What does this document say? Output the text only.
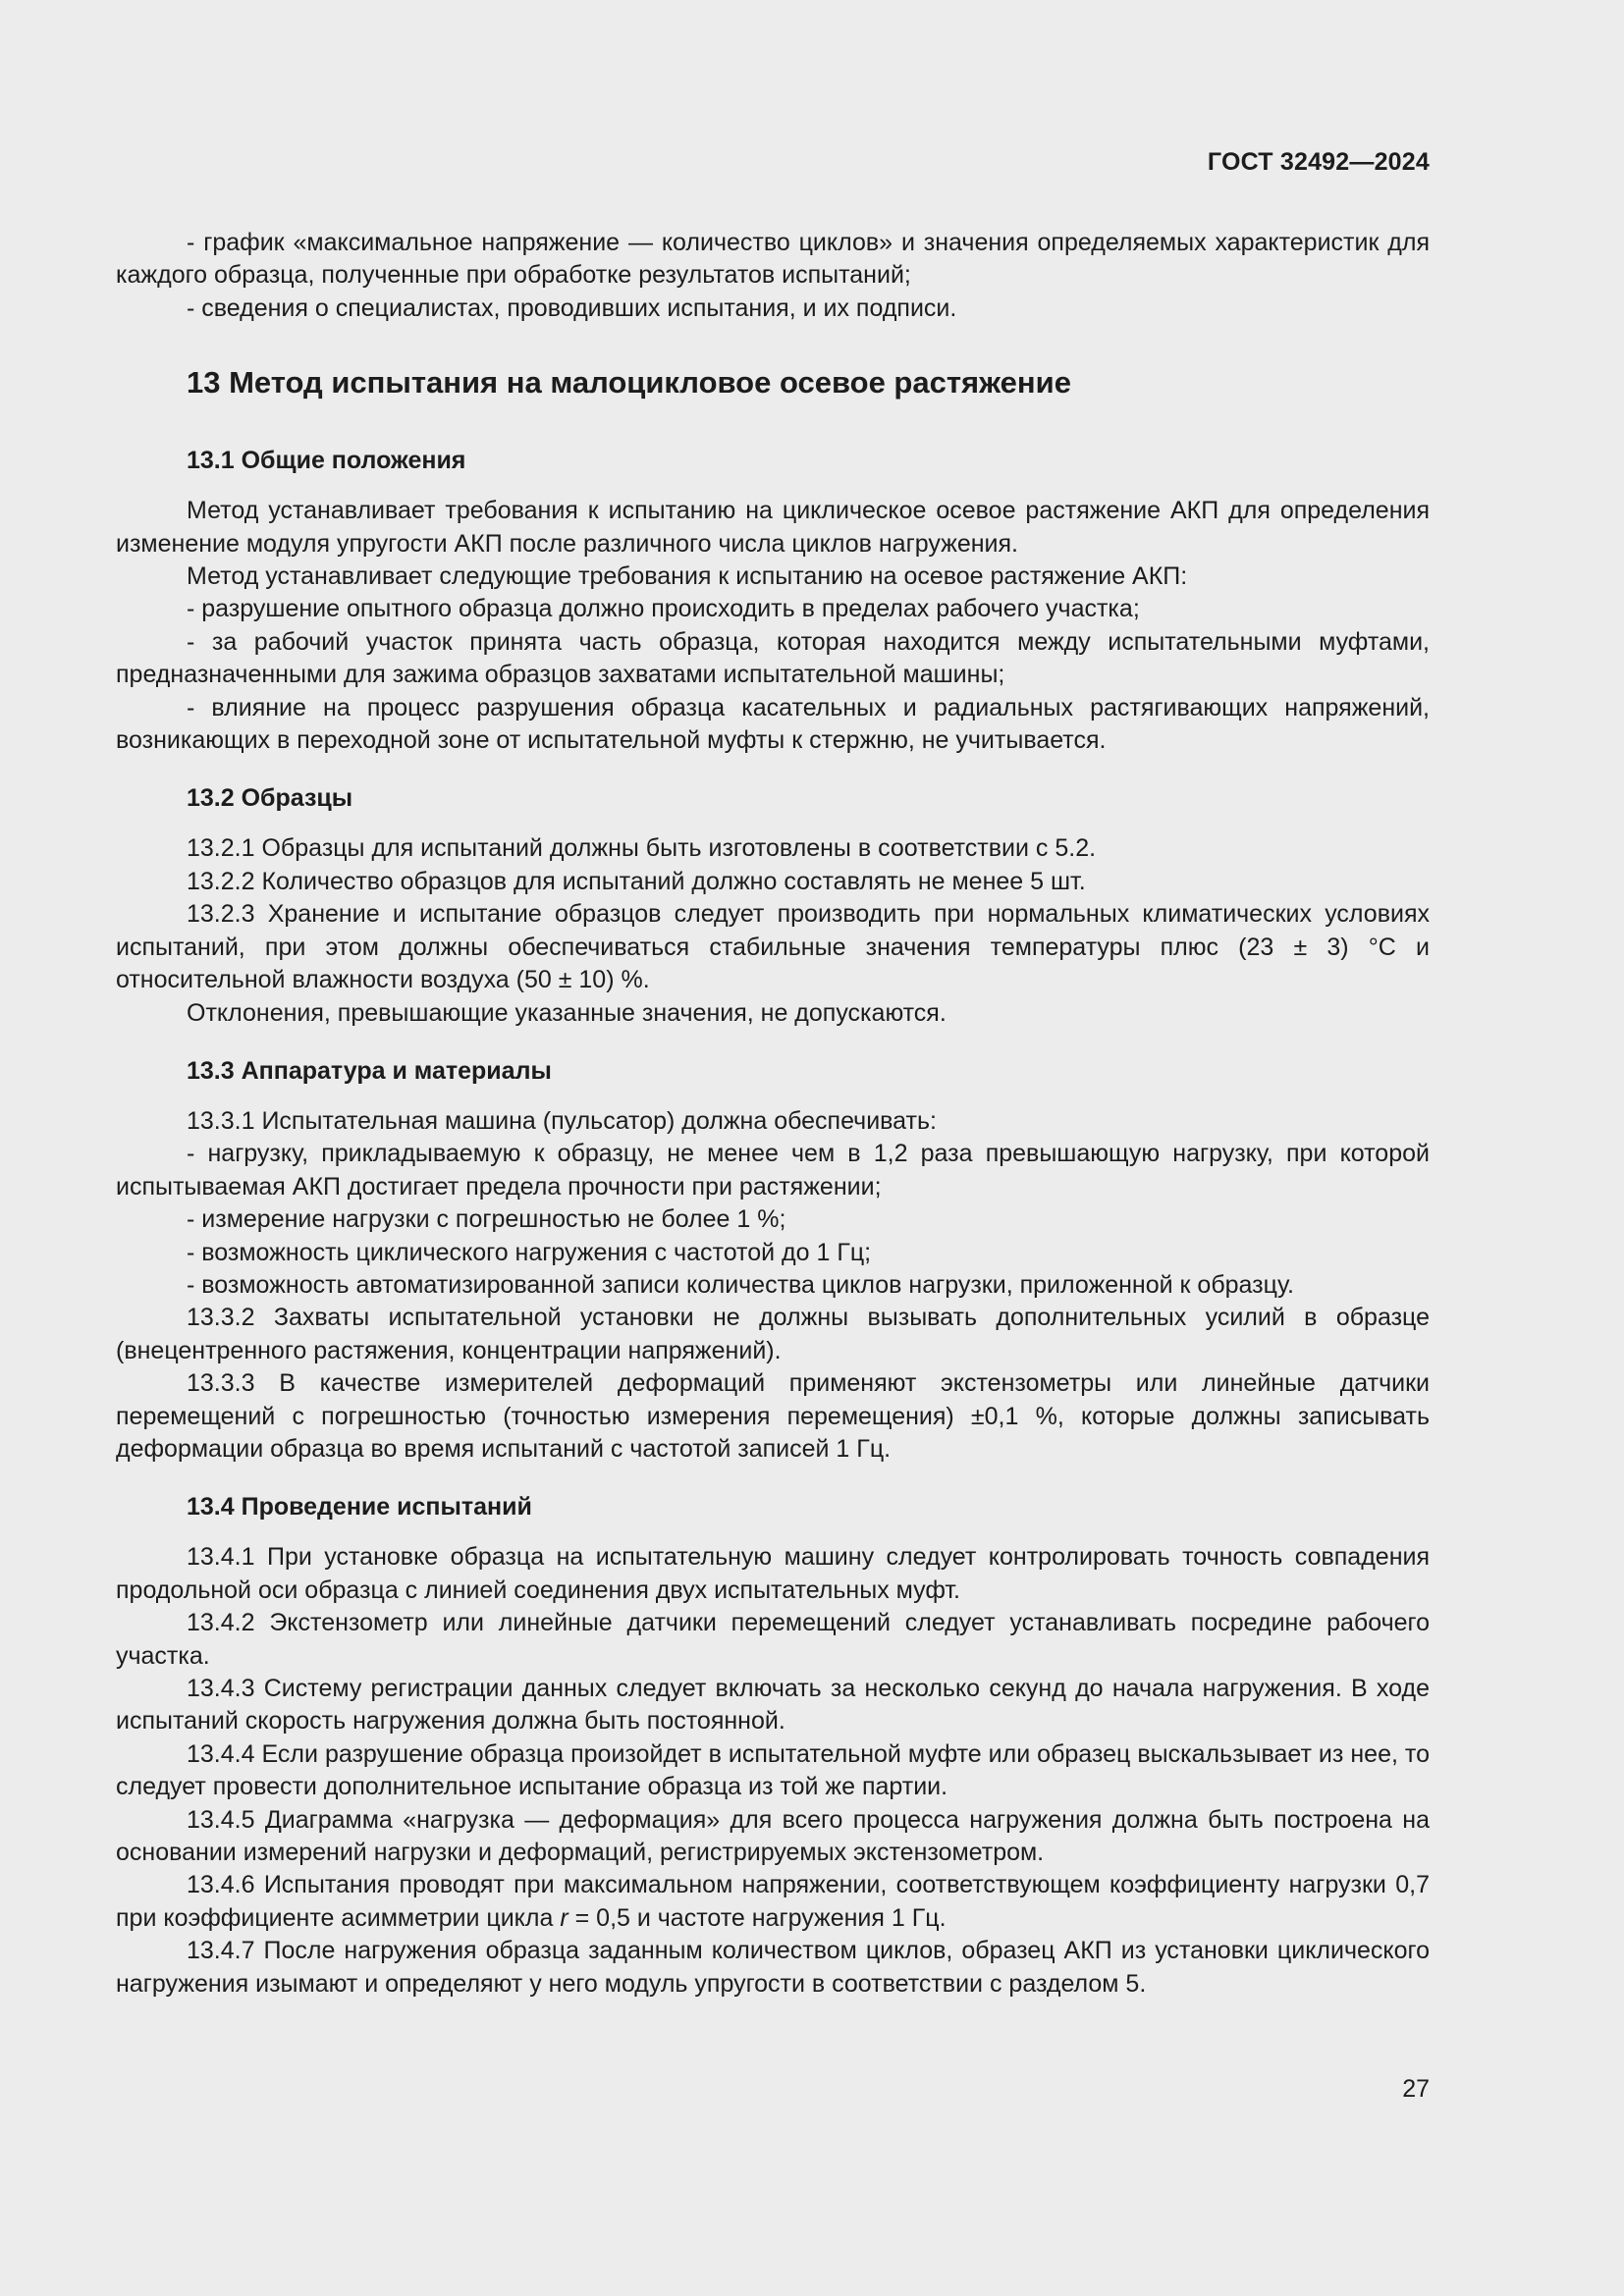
ГОСТ 32492—2024

- график «максимальное напряжение — количество циклов» и значения определяемых характеристик для каждого образца, полученные при обработке результатов испытаний;

- сведения о специалистах, проводивших испытания, и их подписи.

13 Метод испытания на малоцикловое осевое растяжение
13.1 Общие положения

Метод устанавливает требования к испытанию на циклическое осевое растяжение АКП для определения изменение модуля упругости АКП после различного числа циклов нагружения.

Метод устанавливает следующие требования к испытанию на осевое растяжение АКП:

- разрушение опытного образца должно происходить в пределах рабочего участка;

- за рабочий участок принята часть образца, которая находится между испытательными муфтами, предназначенными для зажима образцов захватами испытательной машины;

- влияние на процесс разрушения образца касательных и радиальных растягивающих напряжений, возникающих в переходной зоне от испытательной муфты к стержню, не учитывается.

13.2 Образцы

13.2.1 Образцы для испытаний должны быть изготовлены в соответствии с 5.2.

13.2.2 Количество образцов для испытаний должно составлять не менее 5 шт.

13.2.3 Хранение и испытание образцов следует производить при нормальных климатических условиях испытаний, при этом должны обеспечиваться стабильные значения температуры плюс (23 ± 3) °С и относительной влажности воздуха (50 ± 10) %.

Отклонения, превышающие указанные значения, не допускаются.

13.3 Аппаратура и материалы

13.3.1 Испытательная машина (пульсатор) должна обеспечивать:

- нагрузку, прикладываемую к образцу, не менее чем в 1,2 раза превышающую нагрузку, при которой испытываемая АКП достигает предела прочности при растяжении;

- измерение нагрузки с погрешностью не более 1 %;

- возможность циклического нагружения с частотой до 1 Гц;

- возможность автоматизированной записи количества циклов нагрузки, приложенной к образцу.

13.3.2 Захваты испытательной установки не должны вызывать дополнительных усилий в образце (внецентренного растяжения, концентрации напряжений).

13.3.3 В качестве измерителей деформаций применяют экстензометры или линейные датчики перемещений с погрешностью (точностью измерения перемещения) ±0,1 %, которые должны записывать деформации образца во время испытаний с частотой записей 1 Гц.

13.4 Проведение испытаний

13.4.1 При установке образца на испытательную машину следует контролировать точность совпадения продольной оси образца с линией соединения двух испытательных муфт.

13.4.2 Экстензометр или линейные датчики перемещений следует устанавливать посредине рабочего участка.

13.4.3 Систему регистрации данных следует включать за несколько секунд до начала нагружения. В ходе испытаний скорость нагружения должна быть постоянной.

13.4.4 Если разрушение образца произойдет в испытательной муфте или образец выскальзывает из нее, то следует провести дополнительное испытание образца из той же партии.

13.4.5 Диаграмма «нагрузка — деформация» для всего процесса нагружения должна быть построена на основании измерений нагрузки и деформаций, регистрируемых экстензометром.

13.4.6 Испытания проводят при максимальном напряжении, соответствующем коэффициенту нагрузки 0,7 при коэффициенте асимметрии цикла r = 0,5 и частоте нагружения 1 Гц.

13.4.7 После нагружения образца заданным количеством циклов, образец АКП из установки циклического нагружения изымают и определяют у него модуль упругости в соответствии с разделом 5.

27
